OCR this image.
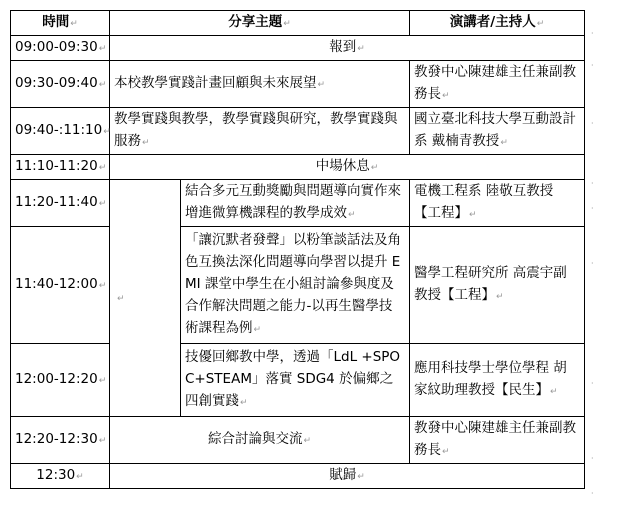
時間↵	分享主題↵		演講者/主持人↵
09:00-09:30↵	報到↵		
09:30-09:40↵	本校教學實踐計畫回顧與未來展望↵		教發中心陳建雄主任兼副教務長↵
09:40-:11:10↵	教學實踐與教學，教學實踐與研究，教學實踐與服務↵		國立臺北科技大學互動設計系 戴楠青教授↵
11:10-11:20↵	中場休息↵		
11:20-11:40↵	↵	結合多元互動獎勵與問題導向實作來增進微算機課程的教學成效↵	電機工程系 陸敬互教授【工程】↵
11:40-12:00↵		「讓沉默者發聲」以粉筆談話法及角色互換法深化問題導向學習以提升 EMI 課堂中學生在小組討論參與度及合作解決問題之能力-以再生醫學技術課程為例↵	醫學工程研究所 高震宇副教授【工程】↵
12:00-12:20↵		技優回鄉教中學，透過「LdL +SPOC+STEAM」落實 SDG4 於偏鄉之四創實踐↵	應用科技學士學位學程 胡家紋助理教授【民生】↵
12:20-12:30↵	綜合討論與交流↵		教發中心陳建雄主任兼副教務長↵
12:30↵	賦歸↵		
·
·
·
·
·
·
·
·
·
